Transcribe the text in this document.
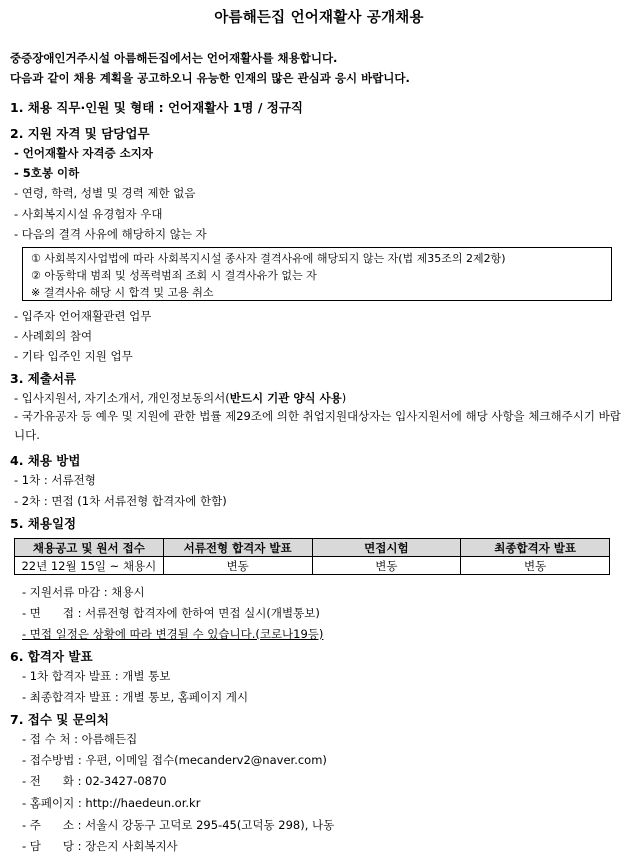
아름해든집 언어재활사 공개채용
중증장애인거주시설 아름해든집에서는 언어재활사를 채용합니다.
다음과 같이 채용 계획을 공고하오니 유능한 인재의 많은 관심과 응시 바랍니다.
1. 채용 직무·인원 및 형태 : 언어재활사 1명 / 정규직
2. 지원 자격 및 담당업무
- 언어재활사 자격증 소지자
- 5호봉 이하
- 연령, 학력, 성별 및 경력 제한 없음
- 사회복지시설 유경험자 우대
- 다음의 결격 사유에 해당하지 않는 자
① 사회복지사업법에 따라 사회복지시설 종사자 결격사유에 해당되지 않는 자(법 제35조의 2제2항)
② 아동학대 범죄 및 성폭력범죄 조회 시 결격사유가 없는 자
※ 결격사유 해당 시 합격 및 고용 취소
- 입주자 언어재활관련 업무
- 사례회의 참여
- 기타 입주인 지원 업무
3. 제출서류
- 입사지원서, 자기소개서, 개인정보동의서(반드시 기관 양식 사용)
- 국가유공자 등 예우 및 지원에 관한 법률 제29조에 의한 취업지원대상자는 입사지원서에 해당 사항을 체크해주시기 바랍니다.
4. 채용 방법
- 1차 : 서류전형
- 2차 : 면접 (1차 서류전형 합격자에 한함)
5. 채용일정
채용공고 및 원서 접수	서류전형 합격자 발표	면접시험	최종합격자 발표
22년 12월 15일 ~ 채용시	변동	변동	변동
- 지원서류 마감 : 채용시
- 면      접 : 서류전형 합격자에 한하여 면접 실시(개별통보)
- 면접 일정은 상황에 따라 변경될 수 있습니다.(코로나19등)
6. 합격자 발표
- 1차 합격자 발표 : 개별 통보
- 최종합격자 발표 : 개별 통보, 홈페이지 게시
7. 접수 및 문의처
- 접 수 처 : 아름해든집
- 접수방법 : 우편, 이메일 접수(mecanderv2@naver.com)
- 전      화 : 02-3427-0870
- 홈페이지 : http://haedeun.or.kr
- 주      소 : 서울시 강동구 고덕로 295-45(고덕동 298), 나동
- 담      당 : 장은지 사회복지사
